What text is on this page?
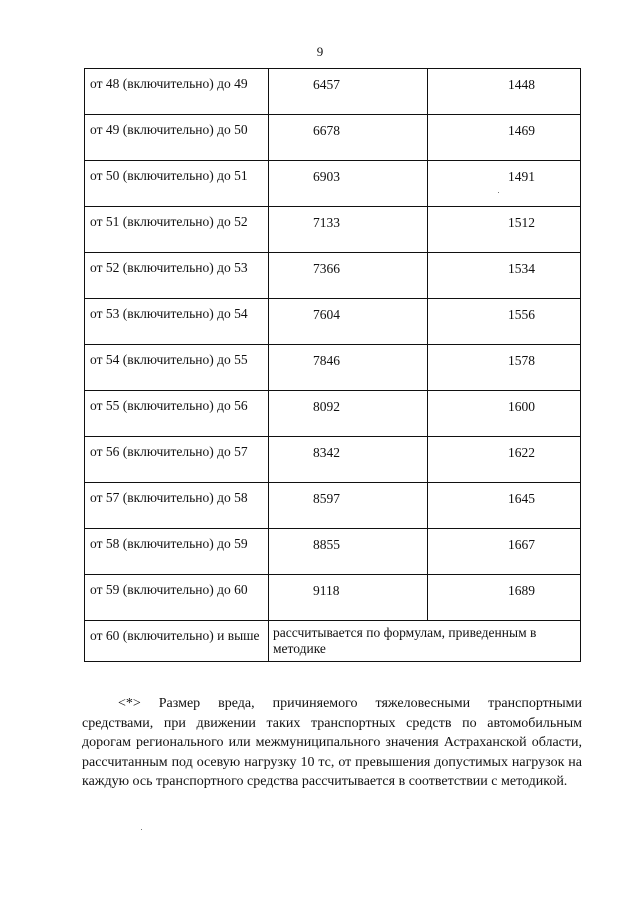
9
от 48 (включительно) до 49	6457	1448
от 49 (включительно) до 50	6678	1469
от 50 (включительно) до 51	6903	1491
от 51 (включительно) до 52	7133	1512
от 52 (включительно) до 53	7366	1534
от 53 (включительно) до 54	7604	1556
от 54 (включительно) до 55	7846	1578
от 55 (включительно) до 56	8092	1600
от 56 (включительно) до 57	8342	1622
от 57 (включительно) до 58	8597	1645
от 58 (включительно) до 59	8855	1667
от 59 (включительно) до 60	9118	1689
от 60 (включительно) и выше	рассчитывается по формулам, приведенным в методике	

<*> Размер вреда, причиняемого тяжеловесными транспортными средствами, при движении таких транспортных средств по автомобильным дорогам регионального или межмуниципального значения Астраханской области, рассчитанным под осевую нагрузку 10 тс, от превышения допустимых нагрузок на каждую ось транспортного средства рассчитывается в соответствии с методикой.
